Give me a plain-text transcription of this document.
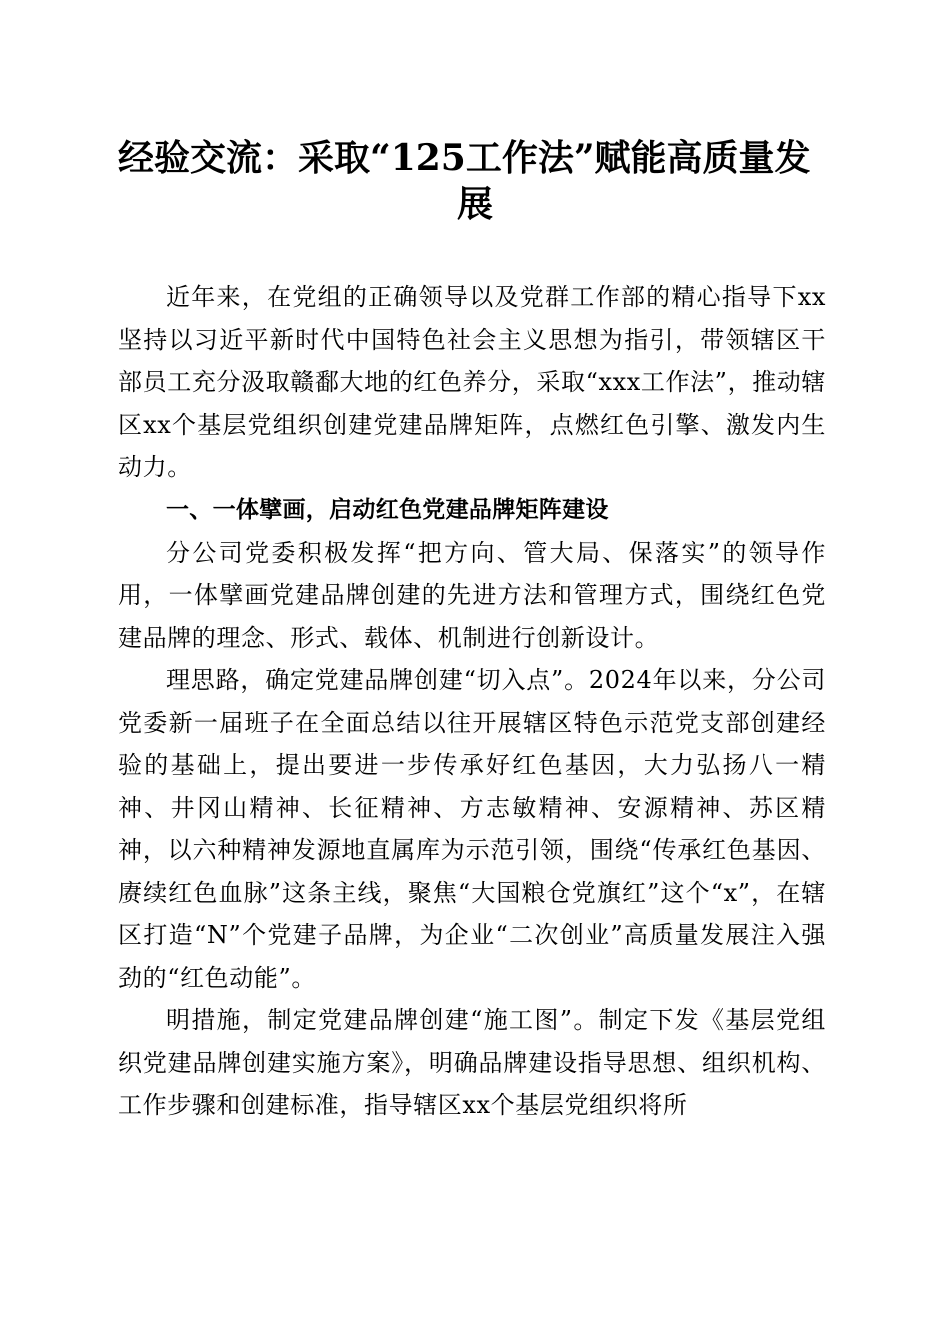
经验交流：采取“125工作法”赋能高质量发
展

近年来，在党组的正确领导以及党群工作部的精心指导下xx坚持以习近平新时代中国特色社会主义思想为指引，带领辖区干部员工充分汲取赣鄱大地的红色养分，采取“xxx工作法”，推动辖区xx个基层党组织创建党建品牌矩阵，点燃红色引擎、激发内生动力。

一、一体擘画，启动红色党建品牌矩阵建设

分公司党委积极发挥“把方向、管大局、保落实”的领导作用，一体擘画党建品牌创建的先进方法和管理方式，围绕红色党建品牌的理念、形式、载体、机制进行创新设计。

理思路，确定党建品牌创建“切入点”。2024年以来，分公司党委新一届班子在全面总结以往开展辖区特色示范党支部创建经验的基础上，提出要进一步传承好红色基因，大力弘扬八一精神、井冈山精神、长征精神、方志敏精神、安源精神、苏区精神，以六种精神发源地直属库为示范引领，围绕“传承红色基因、赓续红色血脉”这条主线，聚焦“大国粮仓党旗红”这个“x”，在辖区打造“N”个党建子品牌，为企业“二次创业”高质量发展注入强劲的“红色动能”。

明措施，制定党建品牌创建“施工图”。制定下发《基层党组织党建品牌创建实施方案》，明确品牌建设指导思想、组织机构、工作步骤和创建标准，指导辖区xx个基层党组织将所
